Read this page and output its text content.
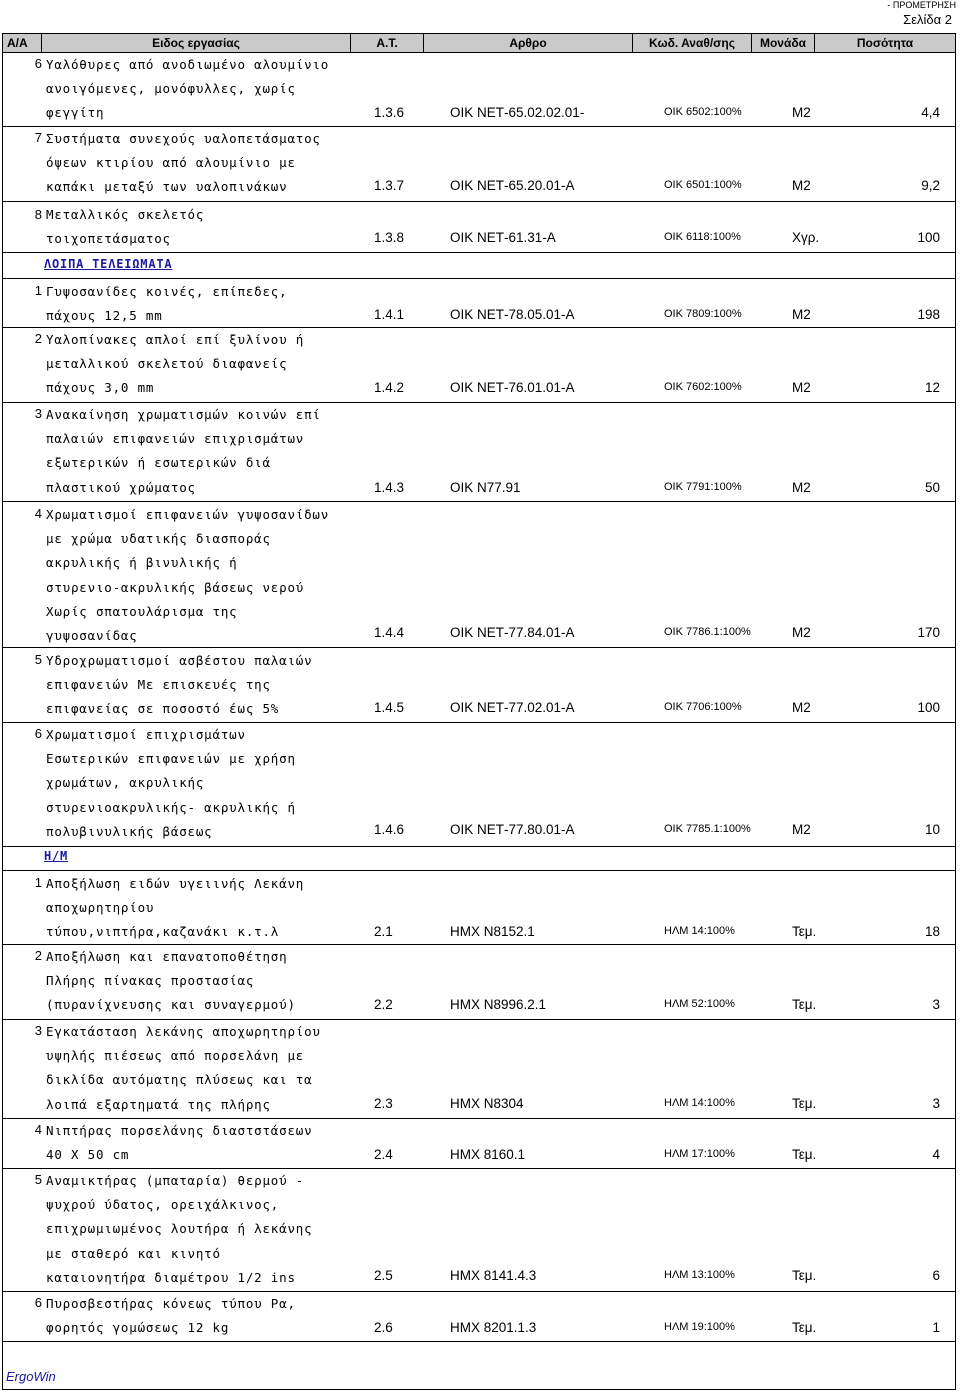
- ΠΡΟΜΕΤΡΗΣΗ
Σελίδα 2
Α/Α	Ειδος εργασίας	Α.Τ.	Αρθρο	Κωδ. Αναθ/σης	Μονάδα	Ποσότητα
6 Υαλόθυρες από ανοδιωμένο αλουμίνιο
ανοιγόμενες, μονόφυλλες, χωρίς
φεγγίτη	1.3.6	ΟΙΚ ΝΕΤ-65.02.02.01-	ΟΙΚ 6502:100%	Μ2	4,4
7 Συστήματα συνεχούς υαλοπετάσματος
όψεων κτιρίου από αλουμίνιο με
καπάκι μεταξύ των υαλοπινάκων	1.3.7	ΟΙΚ ΝΕΤ-65.20.01-Α	ΟΙΚ 6501:100%	Μ2	9,2
8 Μεταλλικός σκελετός
τοιχοπετάσματος	1.3.8	ΟΙΚ ΝΕΤ-61.31-Α	ΟΙΚ 6118:100%	Χγρ.	100
ΛΟΙΠΑ ΤΕΛΕΙΩΜΑΤΑ
1 Γυψοσανίδες κοινές, επίπεδες,
πάχους 12,5 mm	1.4.1	ΟΙΚ ΝΕΤ-78.05.01-Α	ΟΙΚ 7809:100%	Μ2	198
2 Υαλοπίνακες απλοί επί ξυλίνου ή
μεταλλικού σκελετού διαφανείς
πάχους 3,0 mm	1.4.2	ΟΙΚ ΝΕΤ-76.01.01-Α	ΟΙΚ 7602:100%	Μ2	12
3 Ανακαίνηση χρωματισμών κοινών επί
παλαιών επιφανειών επιχρισμάτων
εξωτερικών ή εσωτερικών διά
πλαστικού χρώματος	1.4.3	ΟΙΚ Ν77.91	ΟΙΚ 7791:100%	Μ2	50
4 Χρωματισμοί επιφανειών γυψοσανίδων
με χρώμα υδατικής διασποράς
ακρυλικής ή βινυλικής ή
στυρενιο-ακρυλικής βάσεως νερού
Χωρίς σπατουλάρισμα της
γυψοσανίδας	1.4.4	ΟΙΚ ΝΕΤ-77.84.01-Α	ΟΙΚ 7786.1:100%	Μ2	170
5 Υδροχρωματισμοί ασβέστου παλαιών
επιφανειών Με επισκευές της
επιφανείας σε ποσοστό έως 5%	1.4.5	ΟΙΚ ΝΕΤ-77.02.01-Α	ΟΙΚ 7706:100%	Μ2	100
6 Χρωματισμοί επιχρισμάτων
Εσωτερικών επιφανειών με χρήση
χρωμάτων, ακρυλικής
στυρενιοακρυλικής- ακρυλικής ή
πολυβινυλικής βάσεως	1.4.6	ΟΙΚ ΝΕΤ-77.80.01-Α	ΟΙΚ 7785.1:100%	Μ2	10
Η/Μ
1 Αποξήλωση ειδών υγειινής Λεκάνη
αποχωρητηρίου
τύπου,νιπτήρα,καζανάκι κ.τ.λ	2.1	ΗΜΧ Ν8152.1	ΗΛΜ 14:100%	Τεμ.	18
2 Αποξήλωση και επανατοποθέτηση
Πλήρης πίνακας προστασίας
(πυρανίχνευσης και συναγερμού)	2.2	ΗΜΧ Ν8996.2.1	ΗΛΜ 52:100%	Τεμ.	3
3 Εγκατάσταση λεκάνης αποχωρητηρίου
υψηλής πιέσεως από πορσελάνη με
δικλίδα αυτόματης πλύσεως και τα
λοιπά εξαρτηματά της πλήρης	2.3	ΗΜΧ Ν8304	ΗΛΜ 14:100%	Τεμ.	3
4 Νιπτήρας πορσελάνης διαστστάσεων
40 Χ 50 cm	2.4	ΗΜΧ 8160.1	ΗΛΜ 17:100%	Τεμ.	4
5 Αναμικτήρας (μπαταρία) θερμού -
ψυχρού ύδατος, ορειχάλκινος,
επιχρωμιωμένος λουτήρα ή λεκάνης
με σταθερό και κινητό
καταιονητήρα διαμέτρου 1/2 ins	2.5	ΗΜΧ 8141.4.3	ΗΛΜ 13:100%	Τεμ.	6
6 Πυροσβεστήρας κόνεως τύπου Ρα,
φορητός γομώσεως 12 kg	2.6	ΗΜΧ 8201.1.3	ΗΛΜ 19:100%	Τεμ.	1
ErgoWin
